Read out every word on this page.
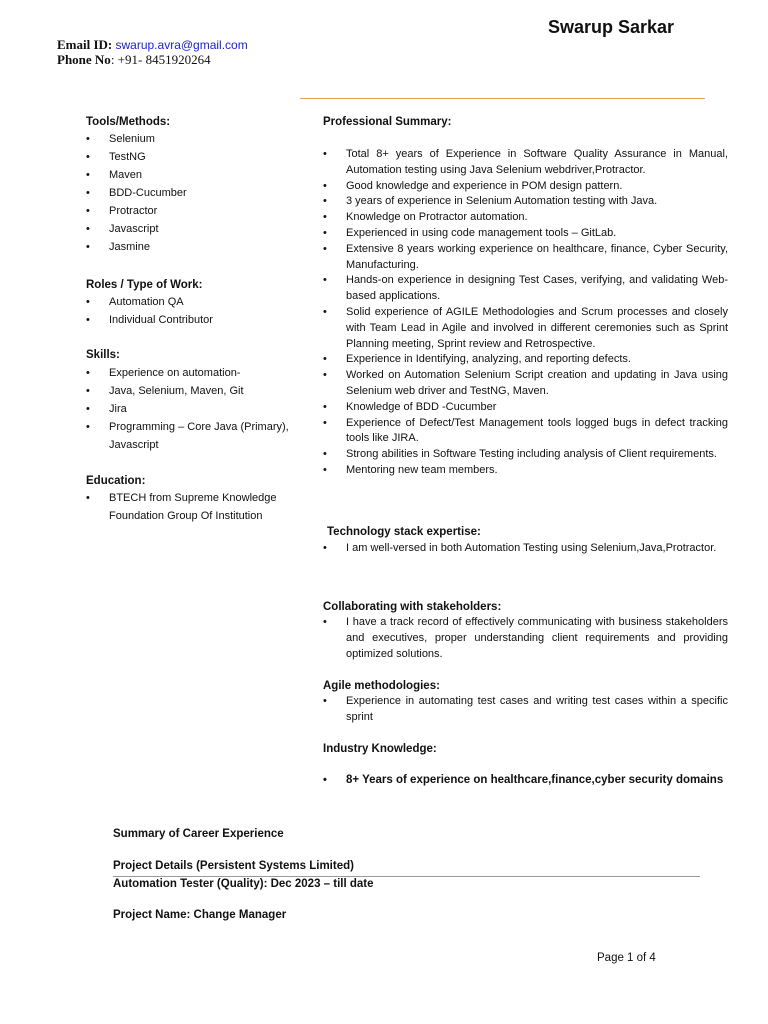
Swarup Sarkar
Email ID: swarup.avra@gmail.com
Phone No: +91- 8451920264
Tools/Methods:
• Selenium
• TestNG
• Maven
• BDD-Cucumber
• Protractor
• Javascript
• Jasmine
Roles / Type of Work:
• Automation QA
• Individual Contributor
Skills:
• Experience on automation-
• Java, Selenium, Maven, Git
• Jira
• Programming – Core Java (Primary), Javascript
Education:
• BTECH from Supreme Knowledge Foundation Group Of Institution
Professional Summary:
• Total 8+ years of Experience in Software Quality Assurance in Manual, Automation testing using Java Selenium webdriver,Protractor.
• Good knowledge and experience in POM design pattern.
• 3 years of experience in Selenium Automation testing with Java.
• Knowledge on Protractor automation.
• Experienced in using code management tools – GitLab.
• Extensive 8 years working experience on healthcare, finance, Cyber Security, Manufacturing.
• Hands-on experience in designing Test Cases, verifying, and validating Web-based applications.
• Solid experience of AGILE Methodologies and Scrum processes and closely with Team Lead in Agile and involved in different ceremonies such as Sprint Planning meeting, Sprint review and Retrospective.
• Experience in Identifying, analyzing, and reporting defects.
• Worked on Automation Selenium Script creation and updating in Java using Selenium web driver and TestNG, Maven.
• Knowledge of BDD -Cucumber
• Experience of Defect/Test Management tools logged bugs in defect tracking tools like JIRA.
• Strong abilities in Software Testing including analysis of Client requirements.
• Mentoring new team members.
Technology stack expertise:
• I am well-versed in both Automation Testing using Selenium,Java,Protractor.
Collaborating with stakeholders:
• I have a track record of effectively communicating with business stakeholders and executives, proper understanding client requirements and providing optimized solutions.
Agile methodologies:
• Experience in automating test cases and writing test cases within a specific sprint
Industry Knowledge:
• 8+ Years of experience on healthcare,finance,cyber security domains
Summary of Career Experience
Project Details (Persistent Systems Limited)
Automation Tester (Quality): Dec 2023 – till date
Project Name: Change Manager
Page 1 of 4
